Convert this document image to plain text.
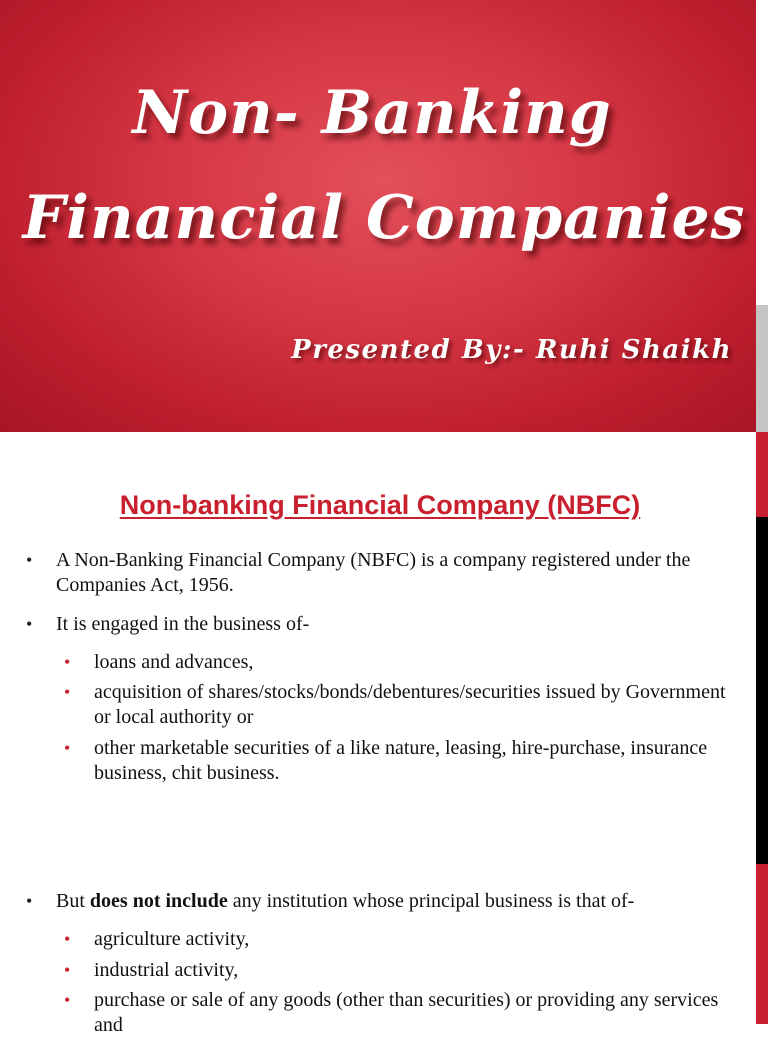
Non- Banking
Financial Companies
Presented By:- Ruhi Shaikh
Non-banking Financial Company (NBFC)
• A Non-Banking Financial Company (NBFC) is a company registered under the Companies Act, 1956.
• It is engaged in the business of-
• loans and advances,
• acquisition of shares/stocks/bonds/debentures/securities issued by Government or local authority or
• other marketable securities of a like nature, leasing, hire-purchase, insurance business, chit business.
• But does not include any institution whose principal business is that of-
• agriculture activity,
• industrial activity,
• purchase or sale of any goods (other than securities) or providing any services and
